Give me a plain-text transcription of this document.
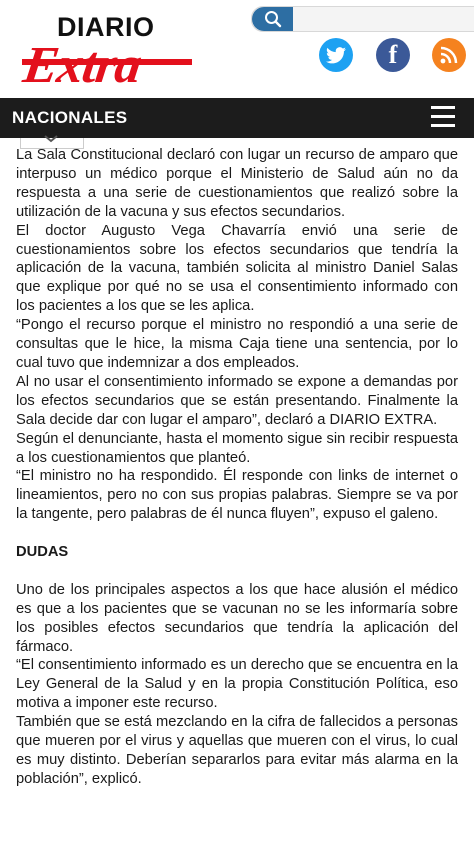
DIARIO
Extra	f
NACIONALES

La Sala Constitucional declaró con lugar un recurso de amparo que interpuso un médico porque el Ministerio de Salud aún no da respuesta a una serie de cuestionamientos que realizó sobre la utilización de la vacuna y sus efectos secundarios.

El doctor Augusto Vega Chavarría envió una serie de cuestionamientos sobre los efectos secundarios que tendría la aplicación de la vacuna, también solicita al ministro Daniel Salas que explique por qué no se usa el consentimiento informado con los pacientes a los que se les aplica.

“Pongo el recurso porque el ministro no respondió a una serie de consultas que le hice, la misma Caja tiene una sentencia, por lo cual tuvo que indemnizar a dos empleados.

Al no usar el consentimiento informado se expone a demandas por los efectos secundarios que se están presentando. Finalmente la Sala decide dar con lugar el amparo”, declaró a DIARIO EXTRA.

Según el denunciante, hasta el momento sigue sin recibir respuesta a los cuestionamientos que planteó.

“El ministro no ha respondido. Él responde con links de internet o lineamientos, pero no con sus propias palabras. Siempre se va por la tangente, pero palabras de él nunca fluyen”, expuso el galeno.

DUDAS

Uno de los principales aspectos a los que hace alusión el médico es que a los pacientes que se vacunan no se les informaría sobre los posibles efectos secundarios que tendría la aplicación del fármaco.

“El consentimiento informado es un derecho que se encuentra en la Ley General de la Salud y en la propia Constitución Política, eso motiva a imponer este recurso.

También que se está mezclando en la cifra de fallecidos a personas que mueren por el virus y aquellas que mueren con el virus, lo cual es muy distinto. Deberían separarlos para evitar más alarma en la población”, explicó.
